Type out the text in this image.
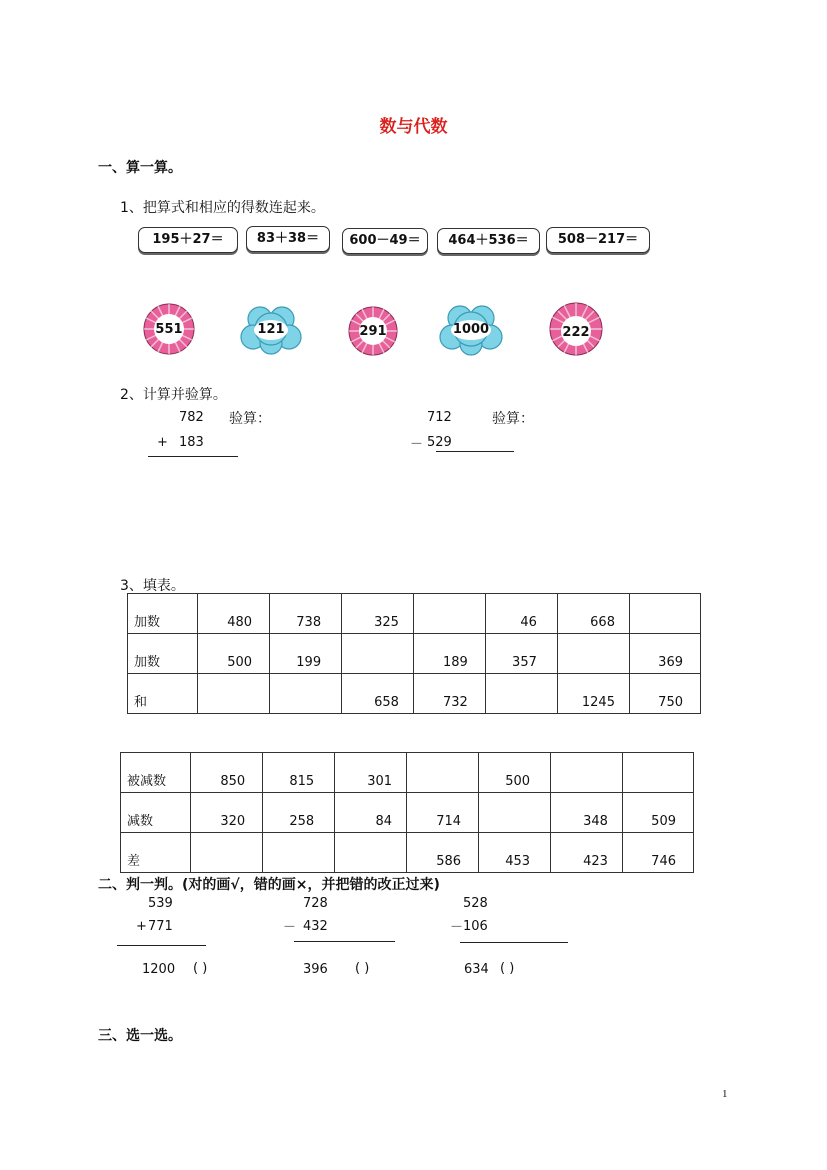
数与代数
一、算一算。
1、把算式和相应的得数连起来。
195＋27＝	83＋38＝	600－49＝	464＋536＝	508－217＝
551	121	291	1000	222
2、计算并验算。
782 验算：
+ 183
712	验算：
－ 529
3、填表。
加数	480	738	325		46	668	

加数	500	199		189	357		369

和			658	732		1245	750
被减数	850	815	301		500		

减数	320	258	84	714		348	509

差				586	453	423	746
二、判一判。(对的画√，错的画×，并把错的改正过来)
539
+ 771
1200 ( )
728
－ 432
396 ( )
528
－ 106
634 ( )
三、选一选。
1
